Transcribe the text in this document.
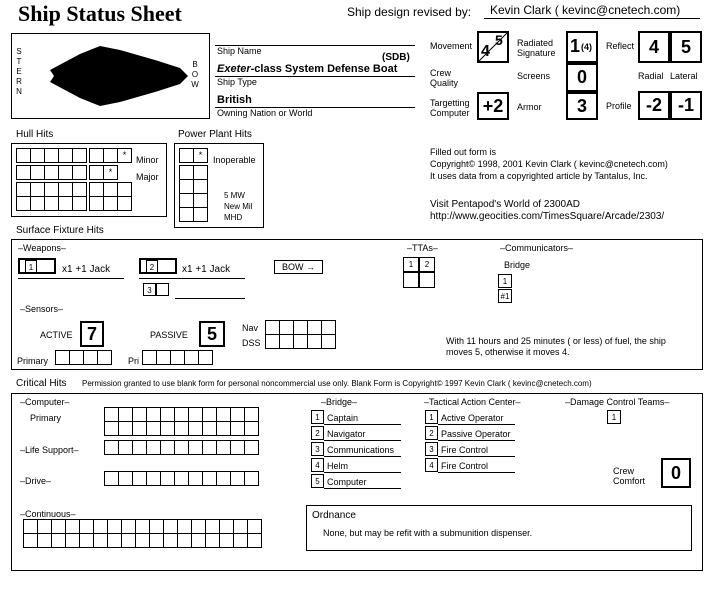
Ship Status Sheet	Ship design revised by: Kevin Clark ( kevinc@cnetech.com)
S
T
E
R
N
B
O
W
Ship Name
(SDB)
Exeter-class System Defense Boat
Ship Type
British
Owning Nation or World
Movement 5
4
Crew
Quality
Targetting
Computer +2
Radiated
Signature 1 (4)
Screens	0
Armor	3
Reflect 4	5
Radial Lateral
Profile -2 -1
Hull Hits
*	Minor
*	Major
Power Plant Hits
*	Inoperable
5 MW
New Mil
MHD
Filled out form is
Copyright© 1998, 2001 Kevin Clark ( kevinc@cnetech.com)
It uses data from a copyrighted article by Tantalus, Inc.
Visit Pentapod's World of 2300AD
http://www.geocities.com/TimesSquare/Arcade/2303/
Surface Fixture Hits
–Weapons–
1	x1 +1 Jack	2	x1 +1 Jack
3
BOW →
–TTAs–
1	2
–Communicators–
Bridge
1
#1
–Sensors–
ACTIVE 7	PASSIVE	5	Nav
DSS
Primary	Pri
With 11 hours and 25 minutes ( or less) of fuel, the ship
moves 5, otherwise it moves 4.
Critical Hits Permission granted to use blank form for personal noncommercial use only. Blank Form is Copyright© 1997 Kevin Clark ( kevinc@cnetech.com)
–Computer–
Primary
–Life Support–
–Drive–
–Continuous–
–Bridge–
1 Captain
2 Navigator
3 Communications
4 Helm
5 Computer
–Tactical Action Center–
1 Active Operator
2 Passive Operator
3 Fire Control
4 Fire Control
–Damage Control Teams–
1
Crew
Comfort	0
Ordnance
None, but may be refit with a submunition dispenser.
